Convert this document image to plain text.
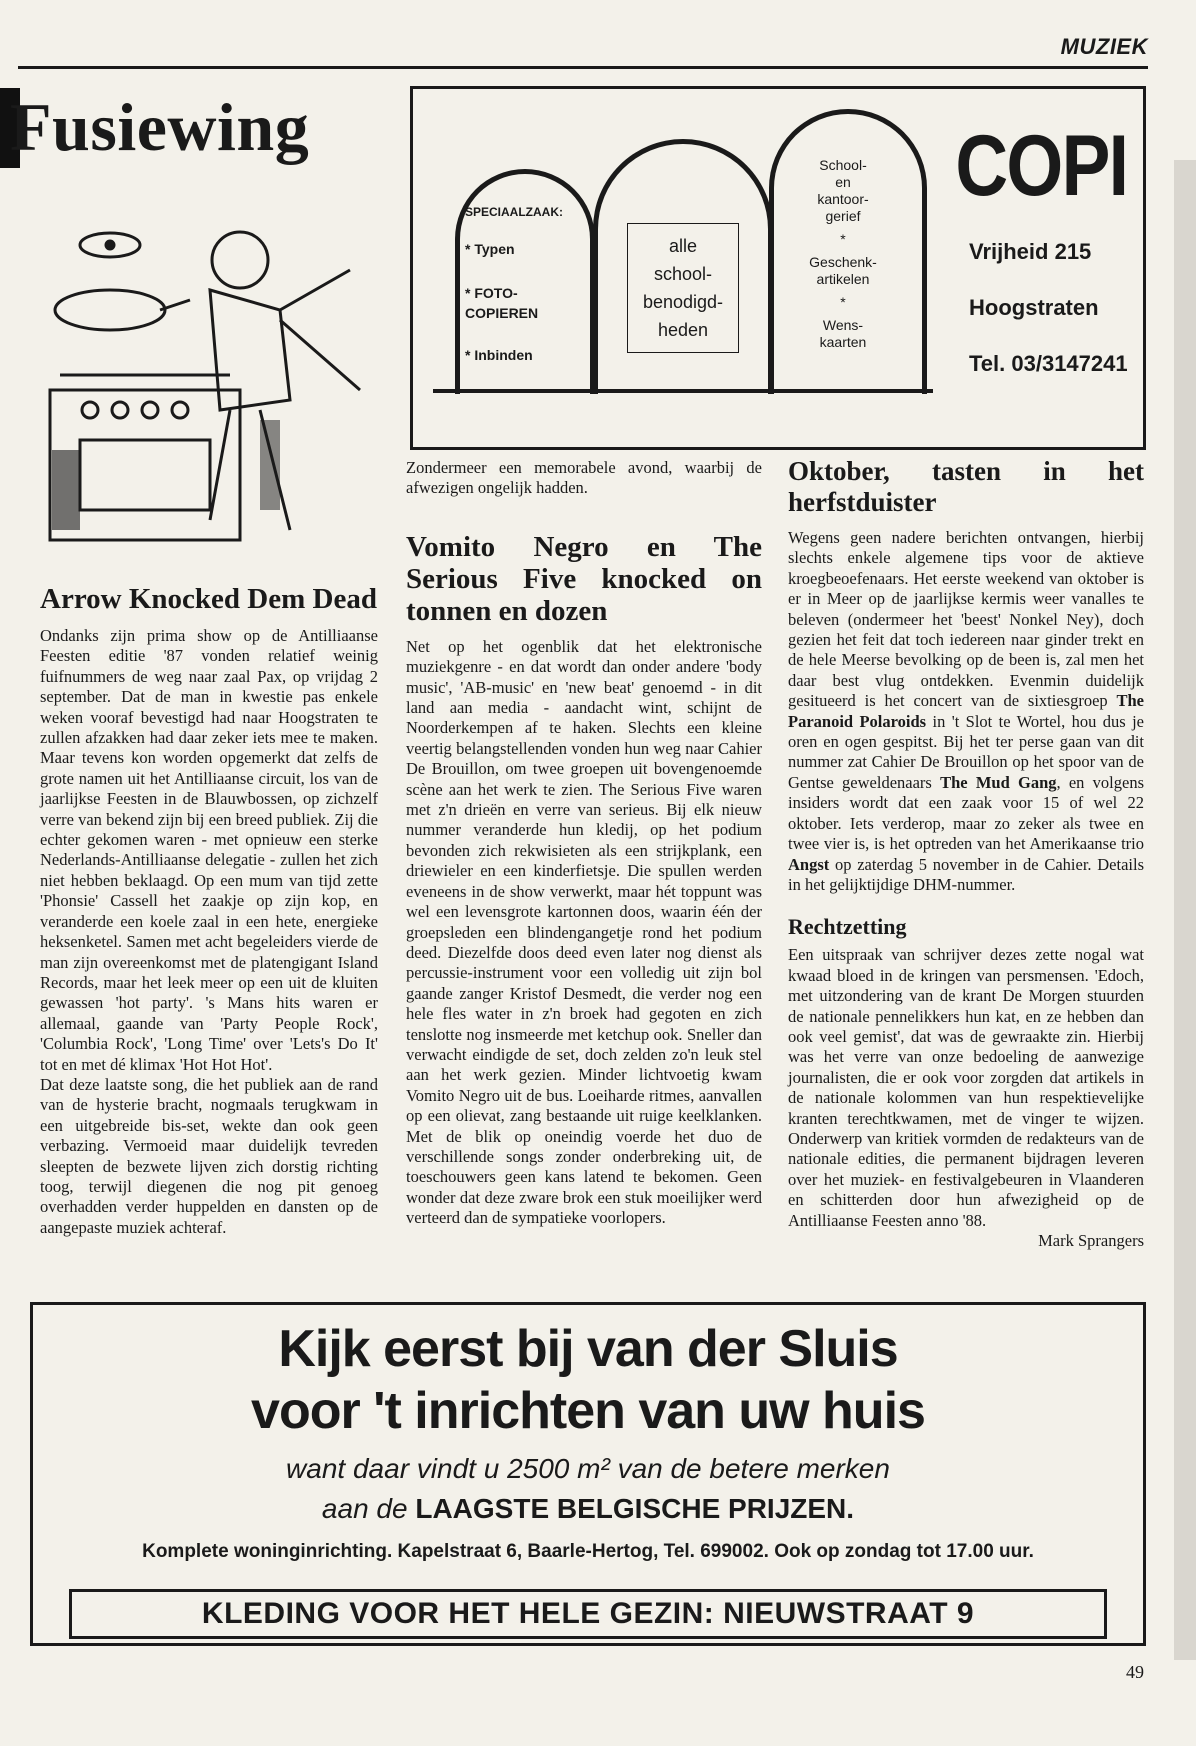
MUZIEK
Fusiewing
SPECIAALZAAK:
* Typen
* FOTO-
COPIEREN
* Inbinden
alle
school-
benodigd-
heden
School-
en
kantoor-
gerief
*
Geschenk-
artikelen
*
Wens-
kaarten
COPI
Vrijheid 215
Hoogstraten
Tel. 03/3147241
Arrow Knocked Dem Dead

Ondanks zijn prima show op de Antilliaanse Feesten editie '87 vonden relatief weinig fuifnummers de weg naar zaal Pax, op vrijdag 2 september. Dat de man in kwestie pas enkele weken vooraf bevestigd had naar Hoogstraten te zullen afzakken had daar zeker iets mee te maken. Maar tevens kon worden opgemerkt dat zelfs de grote namen uit het Antilliaanse circuit, los van de jaarlijkse Feesten in de Blauwbossen, op zichzelf verre van bekend zijn bij een breed publiek. Zij die echter gekomen waren - met opnieuw een sterke Nederlands-Antilliaanse delegatie - zullen het zich niet hebben beklaagd. Op een mum van tijd zette 'Phonsie' Cassell het zaakje op zijn kop, en veranderde een koele zaal in een hete, energieke heksenketel. Samen met acht begeleiders vierde de man zijn overeenkomst met de platengigant Island Records, maar het leek meer op een uit de kluiten gewassen 'hot party'. 's Mans hits waren er allemaal, gaande van 'Party People Rock', 'Columbia Rock', 'Long Time' over 'Lets's Do It' tot en met dé klimax 'Hot Hot Hot'.

Dat deze laatste song, die het publiek aan de rand van de hysterie bracht, nogmaals terugkwam in een uitgebreide bis-set, wekte dan ook geen verbazing. Vermoeid maar duidelijk tevreden sleepten de bezwete lijven zich dorstig richting toog, terwijl diegenen die nog pit genoeg overhadden verder huppelden en dansten op de aangepaste muziek achteraf.

Zondermeer een memorabele avond, waarbij de afwezigen ongelijk hadden.

Vomito Negro en The Serious Five knocked on tonnen en dozen

Net op het ogenblik dat het elektronische muziekgenre - en dat wordt dan onder andere 'body music', 'AB-music' en 'new beat' genoemd - in dit land aan media - aandacht wint, schijnt de Noorderkempen af te haken. Slechts een kleine veertig belangstellenden vonden hun weg naar Cahier De Brouillon, om twee groepen uit bovengenoemde scène aan het werk te zien. The Serious Five waren met z'n drieën en verre van serieus. Bij elk nieuw nummer veranderde hun kledij, op het podium bevonden zich rekwisieten als een strijkplank, een driewieler en een kinderfietsje. Die spullen werden eveneens in de show verwerkt, maar hét toppunt was wel een levensgrote kartonnen doos, waarin één der groepsleden een blindengangetje rond het podium deed. Diezelfde doos deed even later nog dienst als percussie-instrument voor een volledig uit zijn bol gaande zanger Kristof Desmedt, die verder nog een hele fles water in z'n broek had gegoten en zich tenslotte nog insmeerde met ketchup ook. Sneller dan verwacht eindigde de set, doch zelden zo'n leuk stel aan het werk gezien. Minder lichtvoetig kwam Vomito Negro uit de bus. Loeiharde ritmes, aanvallen op een olievat, zang bestaande uit ruige keelklanken. Met de blik op oneindig voerde het duo de verschillende songs zonder onderbreking uit, de toeschouwers geen kans latend te bekomen. Geen wonder dat deze zware brok een stuk moeilijker werd verteerd dan de sympatieke voorlopers.

Oktober, tasten in het herfstduister

Wegens geen nadere berichten ontvangen, hierbij slechts enkele algemene tips voor de aktieve kroegbeoefenaars. Het eerste weekend van oktober is er in Meer op de jaarlijkse kermis weer vanalles te beleven (ondermeer het 'beest' Nonkel Ney), doch gezien het feit dat toch iedereen naar ginder trekt en de hele Meerse bevolking op de been is, zal men het daar best vlug ontdekken. Evenmin duidelijk gesitueerd is het concert van de sixtiesgroep The Paranoid Polaroids in 't Slot te Wortel, hou dus je oren en ogen gespitst. Bij het ter perse gaan van dit nummer zat Cahier De Brouillon op het spoor van de Gentse geweldenaars The Mud Gang, en volgens insiders wordt dat een zaak voor 15 of wel 22 oktober. Iets verderop, maar zo zeker als twee en twee vier is, is het optreden van het Amerikaanse trio Angst op zaterdag 5 november in de Cahier. Details in het gelijktijdige DHM-nummer.

Rechtzetting

Een uitspraak van schrijver dezes zette nogal wat kwaad bloed in de kringen van persmensen. 'Edoch, met uitzondering van de krant De Morgen stuurden de nationale pennelikkers hun kat, en ze hebben dan ook veel gemist', dat was de gewraakte zin. Hierbij was het verre van onze bedoeling de aanwezige journalisten, die er ook voor zorgden dat artikels in de nationale kolommen van hun respektievelijke kranten terechtkwamen, met de vinger te wijzen. Onderwerp van kritiek vormden de redakteurs van de nationale edities, die permanent bijdragen leveren over het muziek- en festivalgebeuren in Vlaanderen en schitterden door hun afwezigheid op de Antilliaanse Feesten anno '88.

Mark Sprangers

Kijk eerst bij van der Sluis
voor 't inrichten van uw huis
want daar vindt u 2500 m² van de betere merken
aan de LAAGSTE BELGISCHE PRIJZEN.
Komplete woninginrichting. Kapelstraat 6, Baarle-Hertog, Tel. 699002. Ook op zondag tot 17.00 uur.
KLEDING VOOR HET HELE GEZIN: NIEUWSTRAAT 9
49
